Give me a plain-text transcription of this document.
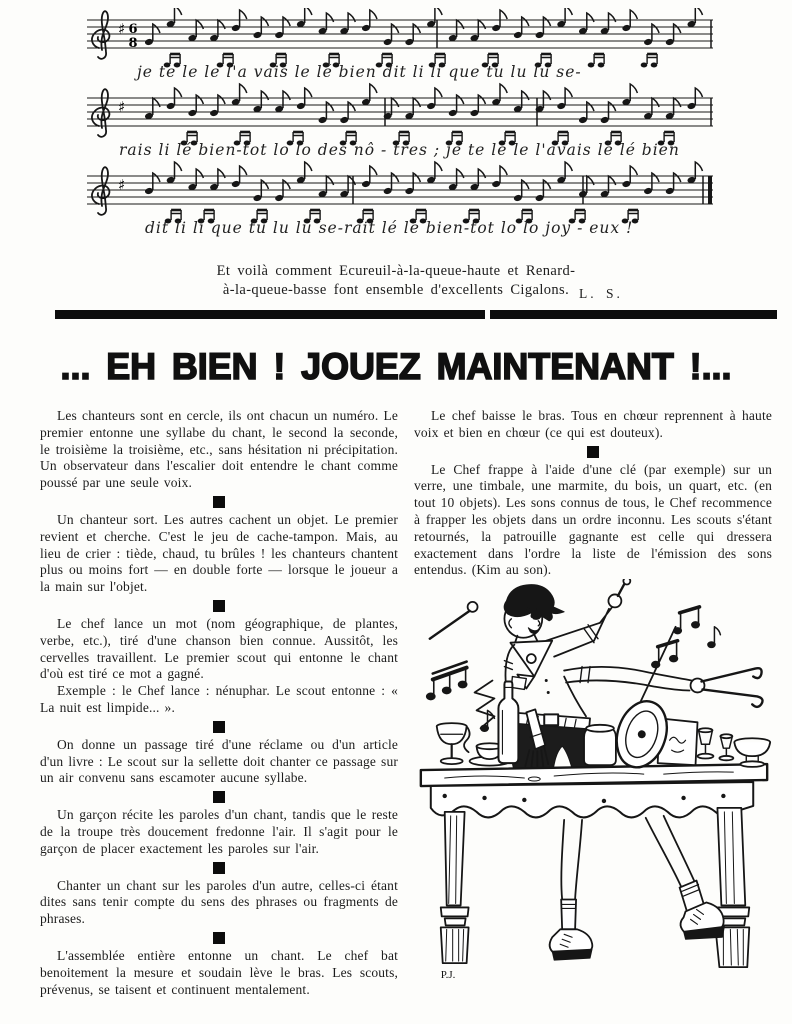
♯
♯
♯
6
8
je te le le l'a vais le lé bien dit li li que tu lu lu se-
rais li lé bien-tot lo lo des nô - tres ; je te le le l'avais lè lé bien
dit li li que tu lu lu se-rait lé lè bien-tot lo lo joy - eux !
Et voilà comment Ecureuil-à-la-queue-haute et Renard-
à-la-queue-basse font ensemble d'excellents Cigalons. L. S.
... EH BIEN ! JOUEZ MAINTENANT !...

Les chanteurs sont en cercle, ils ont chacun un numéro. Le premier entonne une syllabe du chant, le second la seconde, le troisième la troisième, etc., sans hésitation ni précipitation. Un observateur dans l'escalier doit entendre le chant comme poussé par une seule voix.

Un chanteur sort. Les autres cachent un objet. Le premier revient et cherche. C'est le jeu de cache-tampon. Mais, au lieu de crier : tiède, chaud, tu brûles ! les chanteurs chantent plus ou moins fort — en double forte — lorsque le joueur a la main sur l'objet.

Le chef lance un mot (nom géographique, de plantes, verbe, etc.), tiré d'une chanson bien connue. Aussitôt, les cervelles travaillent. Le premier scout qui entonne le chant d'où est tiré ce mot a gagné.

Exemple : le Chef lance : nénuphar. Le scout entonne : « La nuit est limpide... ».

On donne un passage tiré d'une réclame ou d'un article d'un livre : Le scout sur la sellette doit chanter ce passage sur un air convenu sans escamoter aucune syllabe.

Un garçon récite les paroles d'un chant, tandis que le reste de la troupe très doucement fredonne l'air. Il s'agit pour le garçon de placer exactement les paroles sur l'air.

Chanter un chant sur les paroles d'un autre, celles-ci étant dites sans tenir compte du sens des phrases ou fragments de phrases.

L'assemblée entière entonne un chant. Le chef bat benoitement la mesure et soudain lève le bras. Les scouts, prévenus, se taisent et continuent mentalement.

Le chef baisse le bras. Tous en chœur reprennent à haute voix et bien en chœur (ce qui est douteux).

Le Chef frappe à l'aide d'une clé (par exemple) sur un verre, une timbale, une marmite, du bois, un quart, etc. (en tout 10 objets). Les sons connus de tous, le Chef recommence à frapper les objets dans un ordre inconnu. Les scouts s'étant retournés, la patrouille gagnante est celle qui dressera exactement dans l'ordre la liste de l'émission des sons entendus. (Kim au son).

P.J.
